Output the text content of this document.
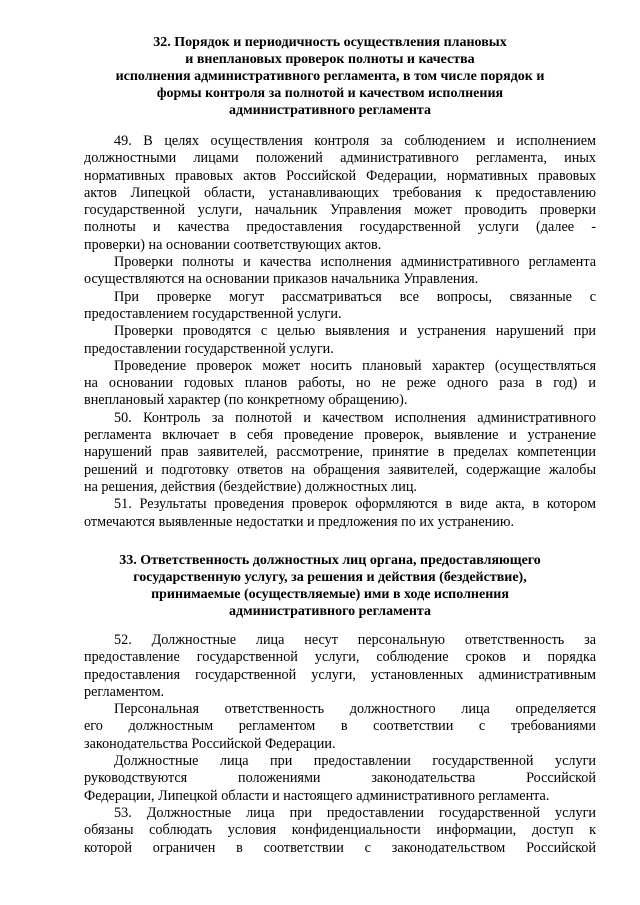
32. Порядок и периодичность осуществления плановых
и внеплановых проверок полноты и качества
исполнения административного регламента, в том числе порядок и
формы контроля за полнотой и качеством исполнения
административного регламента
49. В целях осуществления контроля за соблюдением и исполнением
должностными лицами положений административного регламента, иных
нормативных правовых актов Российской Федерации, нормативных правовых
актов Липецкой области, устанавливающих требования к предоставлению
государственной услуги, начальник Управления может проводить проверки
полноты и качества предоставления государственной услуги (далее -
проверки) на основании соответствующих актов.
Проверки полноты и качества исполнения административного регламента
осуществляются на основании приказов начальника Управления.
При проверке могут рассматриваться все вопросы, связанные с
предоставлением государственной услуги.
Проверки проводятся с целью выявления и устранения нарушений при
предоставлении государственной услуги.
Проведение проверок может носить плановый характер (осуществляться
на основании годовых планов работы, но не реже одного раза в год) и
внеплановый характер (по конкретному обращению).
50. Контроль за полнотой и качеством исполнения административного
регламента включает в себя проведение проверок, выявление и устранение
нарушений прав заявителей, рассмотрение, принятие в пределах компетенции
решений и подготовку ответов на обращения заявителей, содержащие жалобы
на решения, действия (бездействие) должностных лиц.
51. Результаты проведения проверок оформляются в виде акта, в котором
отмечаются выявленные недостатки и предложения по их устранению.
33. Ответственность должностных лиц органа, предоставляющего
государственную услугу, за решения и действия (бездействие),
принимаемые (осуществляемые) ими в ходе исполнения
административного регламента
52. Должностные лица несут персональную ответственность за
предоставление государственной услуги, соблюдение сроков и порядка
предоставления государственной услуги, установленных административным
регламентом.
Персональная ответственность должностного лица определяется
его должностным регламентом в соответствии с требованиями
законодательства Российской Федерации.
Должностные лица при предоставлении государственной услуги
руководствуются положениями законодательства Российской
Федерации, Липецкой области и настоящего административного регламента.
53. Должностные лица при предоставлении государственной услуги
обязаны соблюдать условия конфиденциальности информации, доступ к
которой ограничен в соответствии с законодательством Российской
